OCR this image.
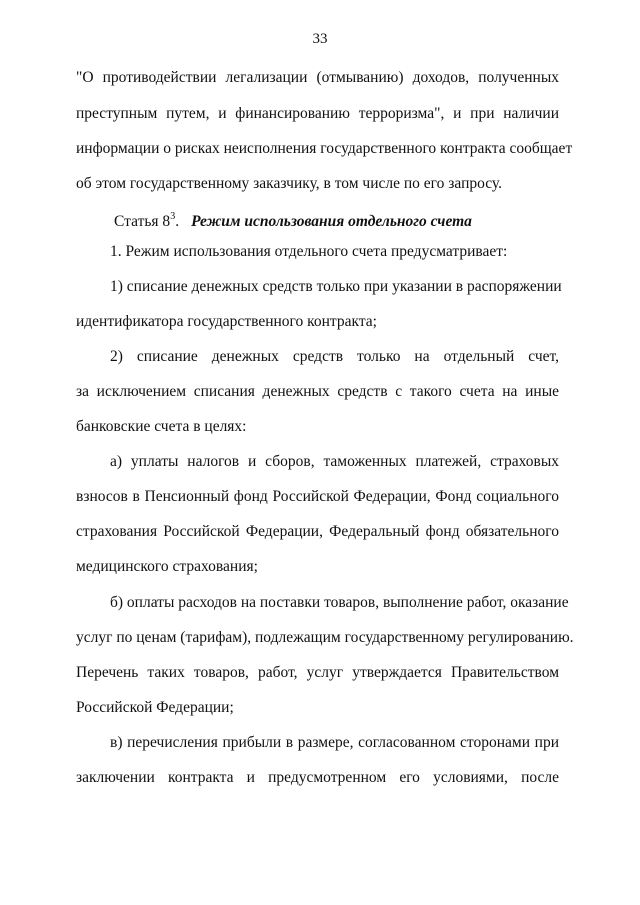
33
"О противодействии легализации (отмыванию) доходов, полученных
преступным путем, и финансированию терроризма", и при наличии
информации о рисках неисполнения государственного контракта сообщает
об этом государственному заказчику, в том числе по его запросу.
Статья $8^3$. Режим использования отдельного счета
1. Режим использования отдельного счета предусматривает:
1) списание денежных средств только при указании в распоряжении
идентификатора государственного контракта;
2) списание денежных средств только на отдельный счет,
за исключением списания денежных средств с такого счета на иные
банковские счета в целях:
а) уплаты налогов и сборов, таможенных платежей, страховых
взносов в Пенсионный фонд Российской Федерации, Фонд социального
страхования Российской Федерации, Федеральный фонд обязательного
медицинского страхования;
б) оплаты расходов на поставки товаров, выполнение работ, оказание
услуг по ценам (тарифам), подлежащим государственному регулированию.
Перечень таких товаров, работ, услуг утверждается Правительством
Российской Федерации;
в) перечисления прибыли в размере, согласованном сторонами при
заключении контракта и предусмотренном его условиями, после
